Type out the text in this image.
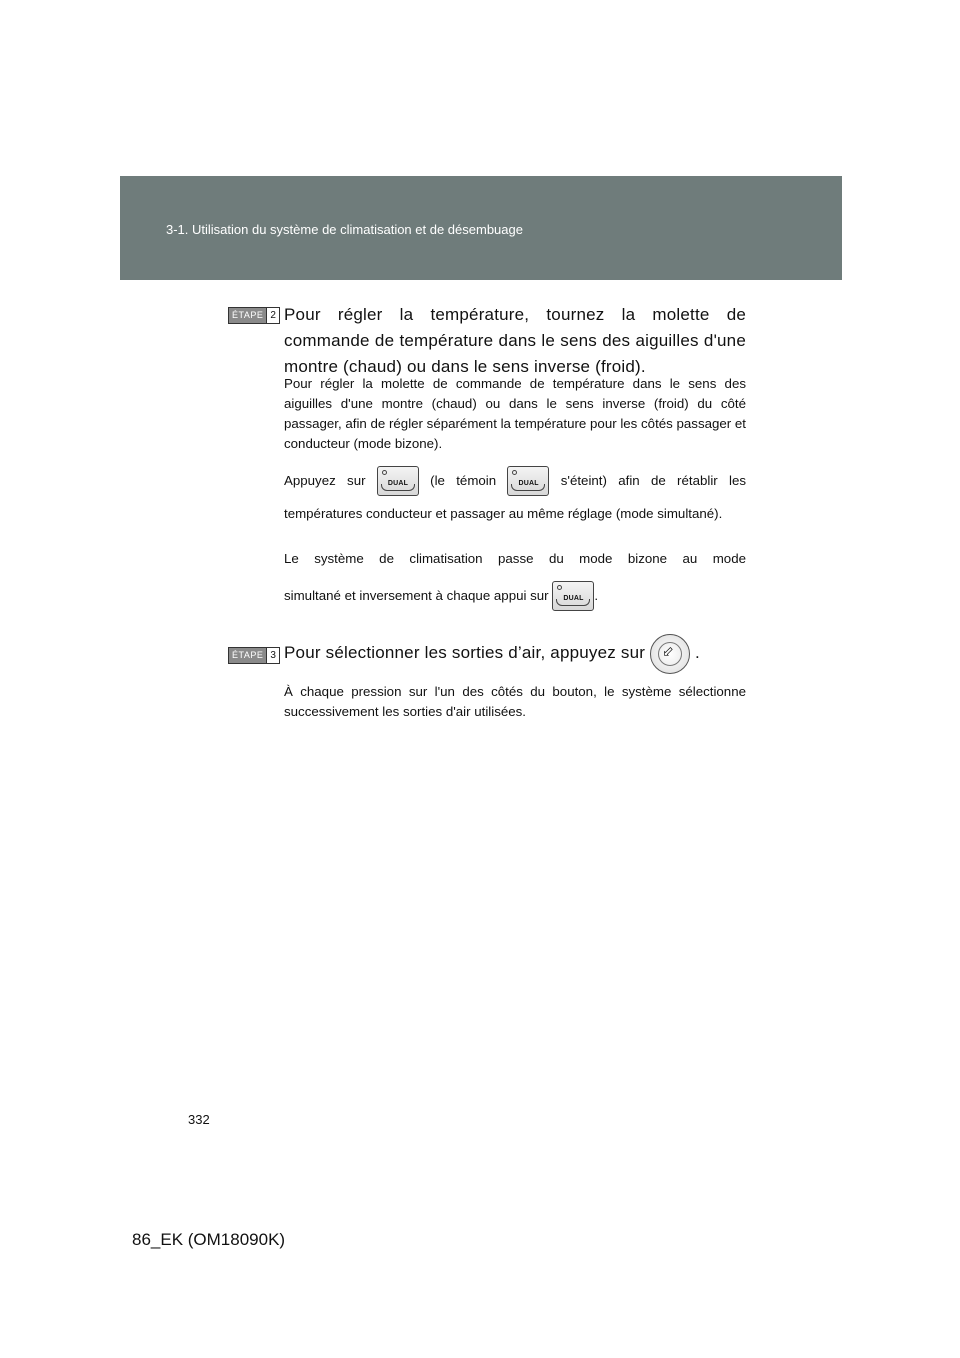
3-1. Utilisation du système de climatisation et de désembuage
ÉTAPE 2 Pour régler la température, tournez la molette de commande de température dans le sens des aiguilles d'une montre (chaud) ou dans le sens inverse (froid).
Pour régler la molette de commande de température dans le sens des aiguilles d'une montre (chaud) ou dans le sens inverse (froid) du côté passager, afin de régler séparément la température pour les côtés passager et conducteur (mode bizone).
Appuyez sur	DUAL (le témoin	DUAL s'éteint) afin de rétablir les
températures conducteur et passager au même réglage (mode simultané).
Le système de climatisation passe du mode bizone au mode
simultané et inversement à chaque appui sur DUAL .
ÉTAPE 3 Pour sélectionner les sorties d’air, appuyez sur ⬃ .
À chaque pression sur l'un des côtés du bouton, le système sélectionne successivement les sorties d'air utilisées.
332
86_EK (OM18090K)
